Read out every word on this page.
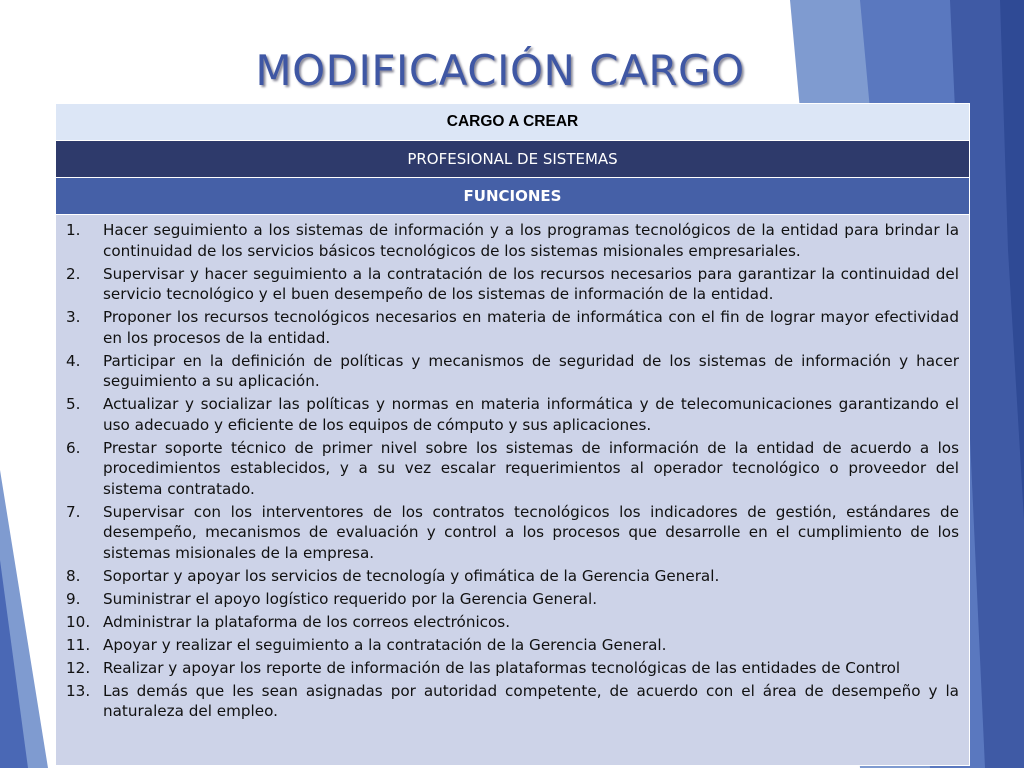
MODIFICACIÓN CARGO
CARGO A CREAR
PROFESIONAL DE SISTEMAS
FUNCIONES
1.	Hacer seguimiento a los sistemas de información y a los programas tecnológicos de la entidad para brindar la continuidad de los servicios básicos tecnológicos de los sistemas misionales empresariales.
2.	Supervisar y hacer seguimiento a la contratación de los recursos necesarios para garantizar la continuidad del servicio tecnológico y el buen desempeño de los sistemas de información de la entidad.
3.	Proponer los recursos tecnológicos necesarios en materia de informática con el fin de lograr mayor efectividad en los procesos de la entidad.
4.	Participar en la definición de políticas y mecanismos de seguridad de los sistemas de información y hacer seguimiento a su aplicación.
5.	Actualizar y socializar las políticas y normas en materia informática y de telecomunicaciones garantizando el uso adecuado y eficiente de los equipos de cómputo y sus aplicaciones.
6.	Prestar soporte técnico de primer nivel sobre los sistemas de información de la entidad de acuerdo a los procedimientos establecidos, y a su vez escalar requerimientos al operador tecnológico o proveedor del sistema contratado.
7.	Supervisar con los interventores de los contratos tecnológicos los indicadores de gestión, estándares de desempeño, mecanismos de evaluación y control a los procesos que desarrolle en el cumplimiento de los sistemas misionales de la empresa.
8.	Soportar y apoyar los servicios de tecnología y ofimática de la Gerencia General.
9.	Suministrar el apoyo logístico requerido por la Gerencia General.
10. Administrar la plataforma de los correos electrónicos.
11. Apoyar y realizar el seguimiento a la contratación de la Gerencia General.
12. Realizar y apoyar los reporte de información de las plataformas tecnológicas de las entidades de Control
13. Las demás que les sean asignadas por autoridad competente, de acuerdo con el área de desempeño y la naturaleza del empleo.
